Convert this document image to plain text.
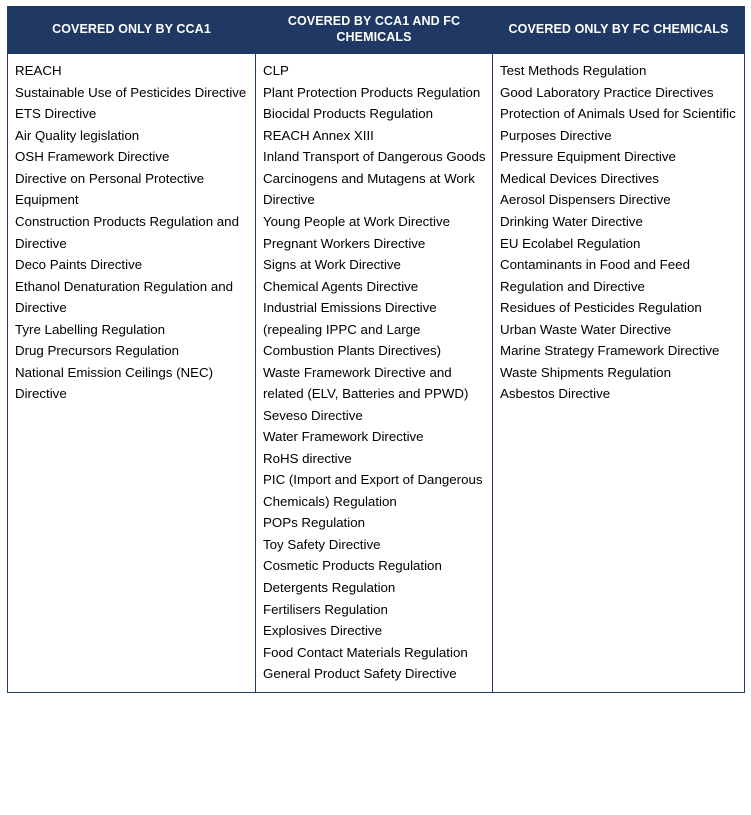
COVERED ONLY BY CCA1	COVERED BY CCA1 AND FC CHEMICALS	COVERED ONLY BY FC CHEMICALS

REACH
Sustainable Use of Pesticides Directive
ETS Directive
Air Quality legislation
OSH Framework Directive
Directive on Personal Protective Equipment
Construction Products Regulation and Directive
Deco Paints Directive
Ethanol Denaturation Regulation and Directive
Tyre Labelling Regulation
Drug Precursors Regulation
National Emission Ceilings (NEC) Directive

CLP
Plant Protection Products Regulation
Biocidal Products Regulation
REACH Annex XIII
Inland Transport of Dangerous Goods
Carcinogens and Mutagens at Work Directive
Young People at Work Directive
Pregnant Workers Directive
Signs at Work Directive
Chemical Agents Directive
Industrial Emissions Directive (repealing IPPC and Large Combustion Plants Directives)
Waste Framework Directive and related (ELV, Batteries and PPWD)
Seveso Directive
Water Framework Directive
RoHS directive
PIC (Import and Export of Dangerous Chemicals) Regulation
POPs Regulation
Toy Safety Directive
Cosmetic Products Regulation
Detergents Regulation
Fertilisers Regulation
Explosives Directive
Food Contact Materials Regulation
General Product Safety Directive

Test Methods Regulation
Good Laboratory Practice Directives
Protection of Animals Used for Scientific Purposes Directive
Pressure Equipment Directive
Medical Devices Directives
Aerosol Dispensers Directive
Drinking Water Directive
EU Ecolabel Regulation
Contaminants in Food and Feed Regulation and Directive
Residues of Pesticides Regulation
Urban Waste Water Directive
Marine Strategy Framework Directive
Waste Shipments Regulation
Asbestos Directive
